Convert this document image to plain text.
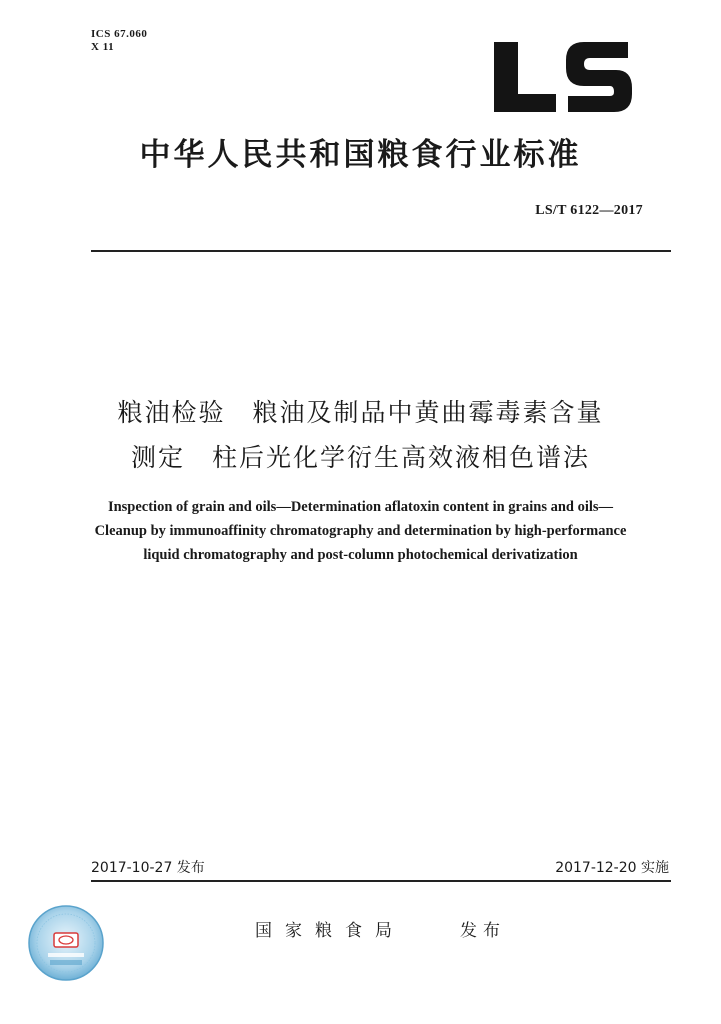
ICS 67.060
X 11
中华人民共和国粮食行业标准
LS/T 6122—2017
粮油检验　粮油及制品中黄曲霉毒素含量
测定　柱后光化学衍生高效液相色谱法
Inspection of grain and oils—Determination aflatoxin content in grains and oils—
Cleanup by immunoaffinity chromatography and determination by high-performance
liquid chromatography and post-column photochemical derivatization
2017-10-27 发布	2017-12-20 实施
国家粮食局	发布
